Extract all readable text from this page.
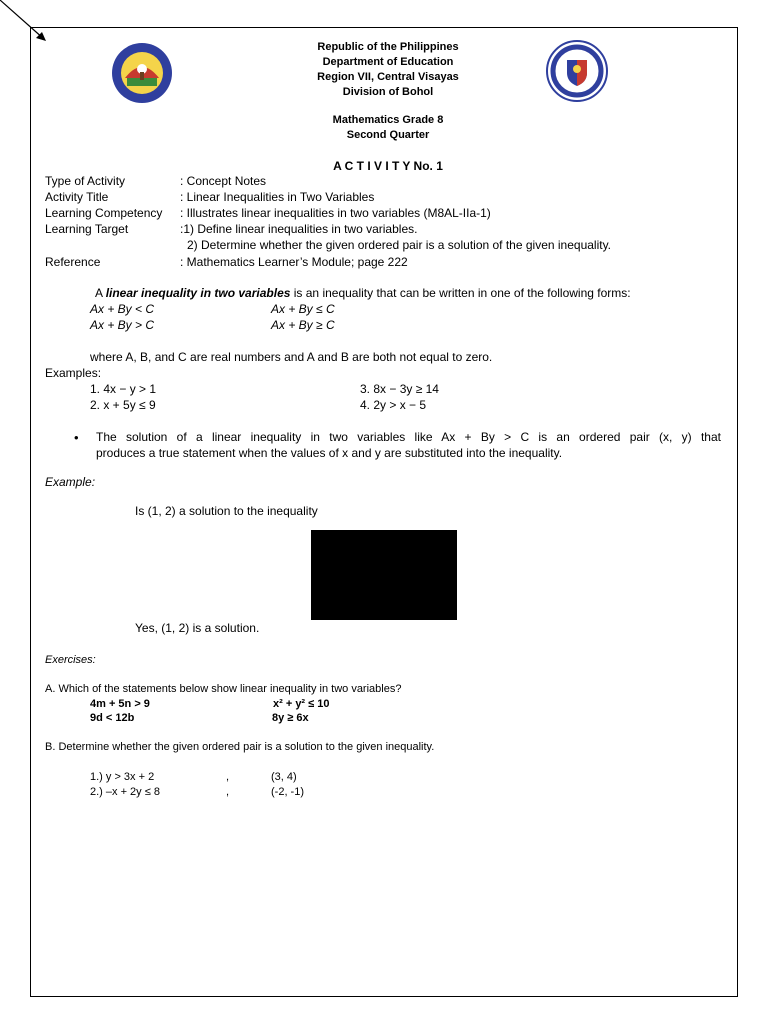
Republic of the Philippines
Department of Education
Region VII, Central Visayas
Division of Bohol
Mathematics Grade 8
Second Quarter
A C T I V I T Y No. 1
Type of Activity	: Concept Notes
Activity Title	: Linear Inequalities in Two Variables
Learning Competency : Illustrates linear inequalities in two variables (M8AL-IIa-1)
Learning Target	:1) Define linear inequalities in two variables.
2) Determine whether the given ordered pair is a solution of the given inequality.
Reference	: Mathematics Learner’s Module; page 222
A linear inequality in two variables is an inequality that can be written in one of the following forms:
Ax + By < C	Ax + By ≤ C
Ax + By > C	Ax + By ≥ C
where A, B, and C are real numbers and A and B are both not equal to zero.
Examples:
1. 4x − y > 1	3. 8x − 3y ≥ 14
2. x + 5y ≤ 9	4. 2y > x − 5
• The solution of a linear inequality in two variables like Ax + By > C is an ordered pair (x, y) that
produces a true statement when the values of x and y are substituted into the inequality.
Example:
Is (1, 2) a solution to the inequality
Yes, (1, 2) is a solution.
Exercises:
A. Which of the statements below show linear inequality in two variables?
4m + 5n > 9	x² + y² ≤ 10
9d < 12b	8y ≥ 6x
B. Determine whether the given ordered pair is a solution to the given inequality.
1.) y > 3x + 2	,	(3, 4)
2.) –x + 2y ≤ 8	,	(-2, -1)
